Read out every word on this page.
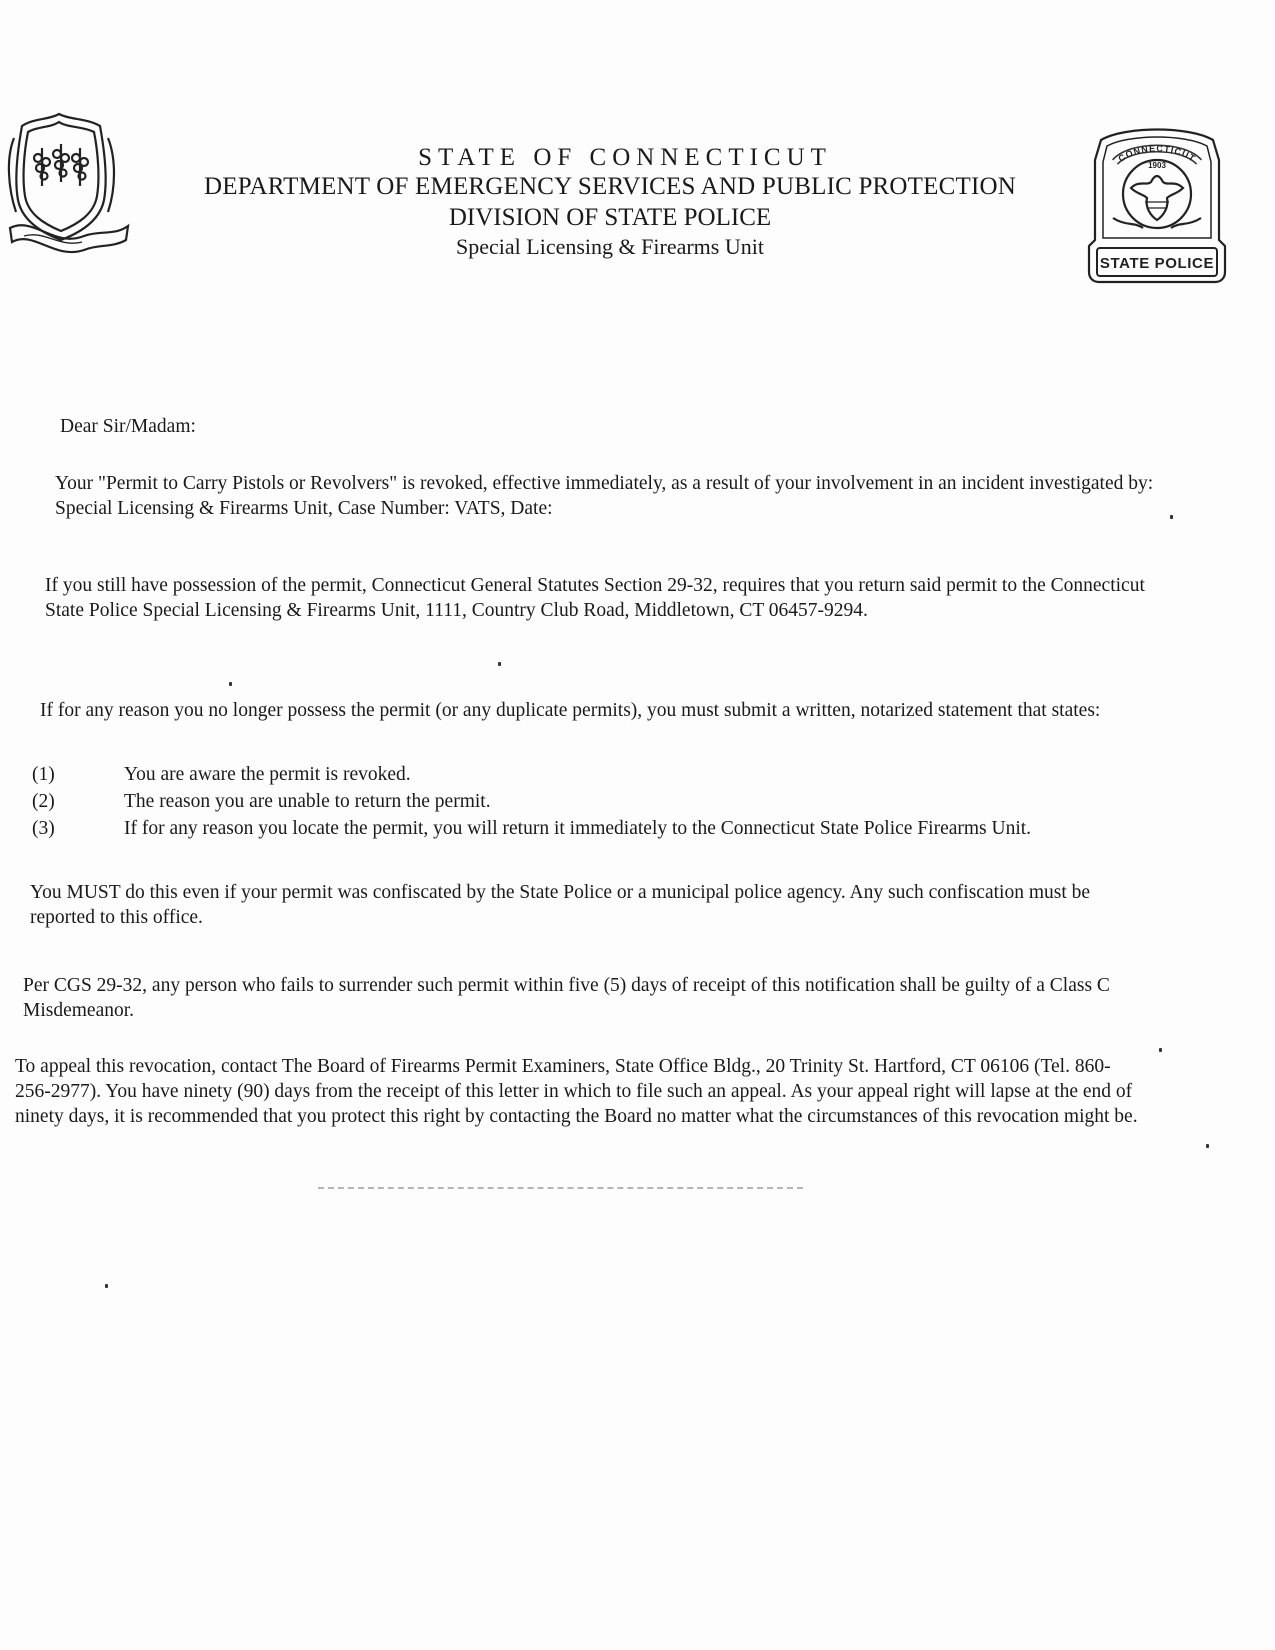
STATE OF CONNECTICUT

DEPARTMENT OF EMERGENCY SERVICES AND PUBLIC PROTECTION

DIVISION OF STATE POLICE

Special Licensing & Firearms Unit

CONNECTICUT
1903
STATE POLICE
Dear Sir/Madam:

Your "Permit to Carry Pistols or Revolvers" is revoked, effective immediately, as a result of your involvement in an incident investigated by: Special Licensing & Firearms Unit, Case Number: VATS, Date:

If you still have possession of the permit, Connecticut General Statutes Section 29-32, requires that you return said permit to the Connecticut State Police Special Licensing & Firearms Unit, 1111, Country Club Road, Middletown, CT 06457-9294.

If for any reason you no longer possess the permit (or any duplicate permits), you must submit a written, notarized statement that states:

(1)	You are aware the permit is revoked.
(2)	The reason you are unable to return the permit.
(3)	If for any reason you locate the permit, you will return it immediately to the Connecticut State Police Firearms Unit.

You MUST do this even if your permit was confiscated by the State Police or a municipal police agency. Any such confiscation must be reported to this office.

Per CGS 29-32, any person who fails to surrender such permit within five (5) days of receipt of this notification shall be guilty of a Class C Misdemeanor.

To appeal this revocation, contact The Board of Firearms Permit Examiners, State Office Bldg., 20 Trinity St. Hartford, CT 06106 (Tel. 860-256-2977). You have ninety (90) days from the receipt of this letter in which to file such an appeal. As your appeal right will lapse at the end of ninety days, it is recommended that you protect this right by contacting the Board no matter what the circumstances of this revocation might be.
